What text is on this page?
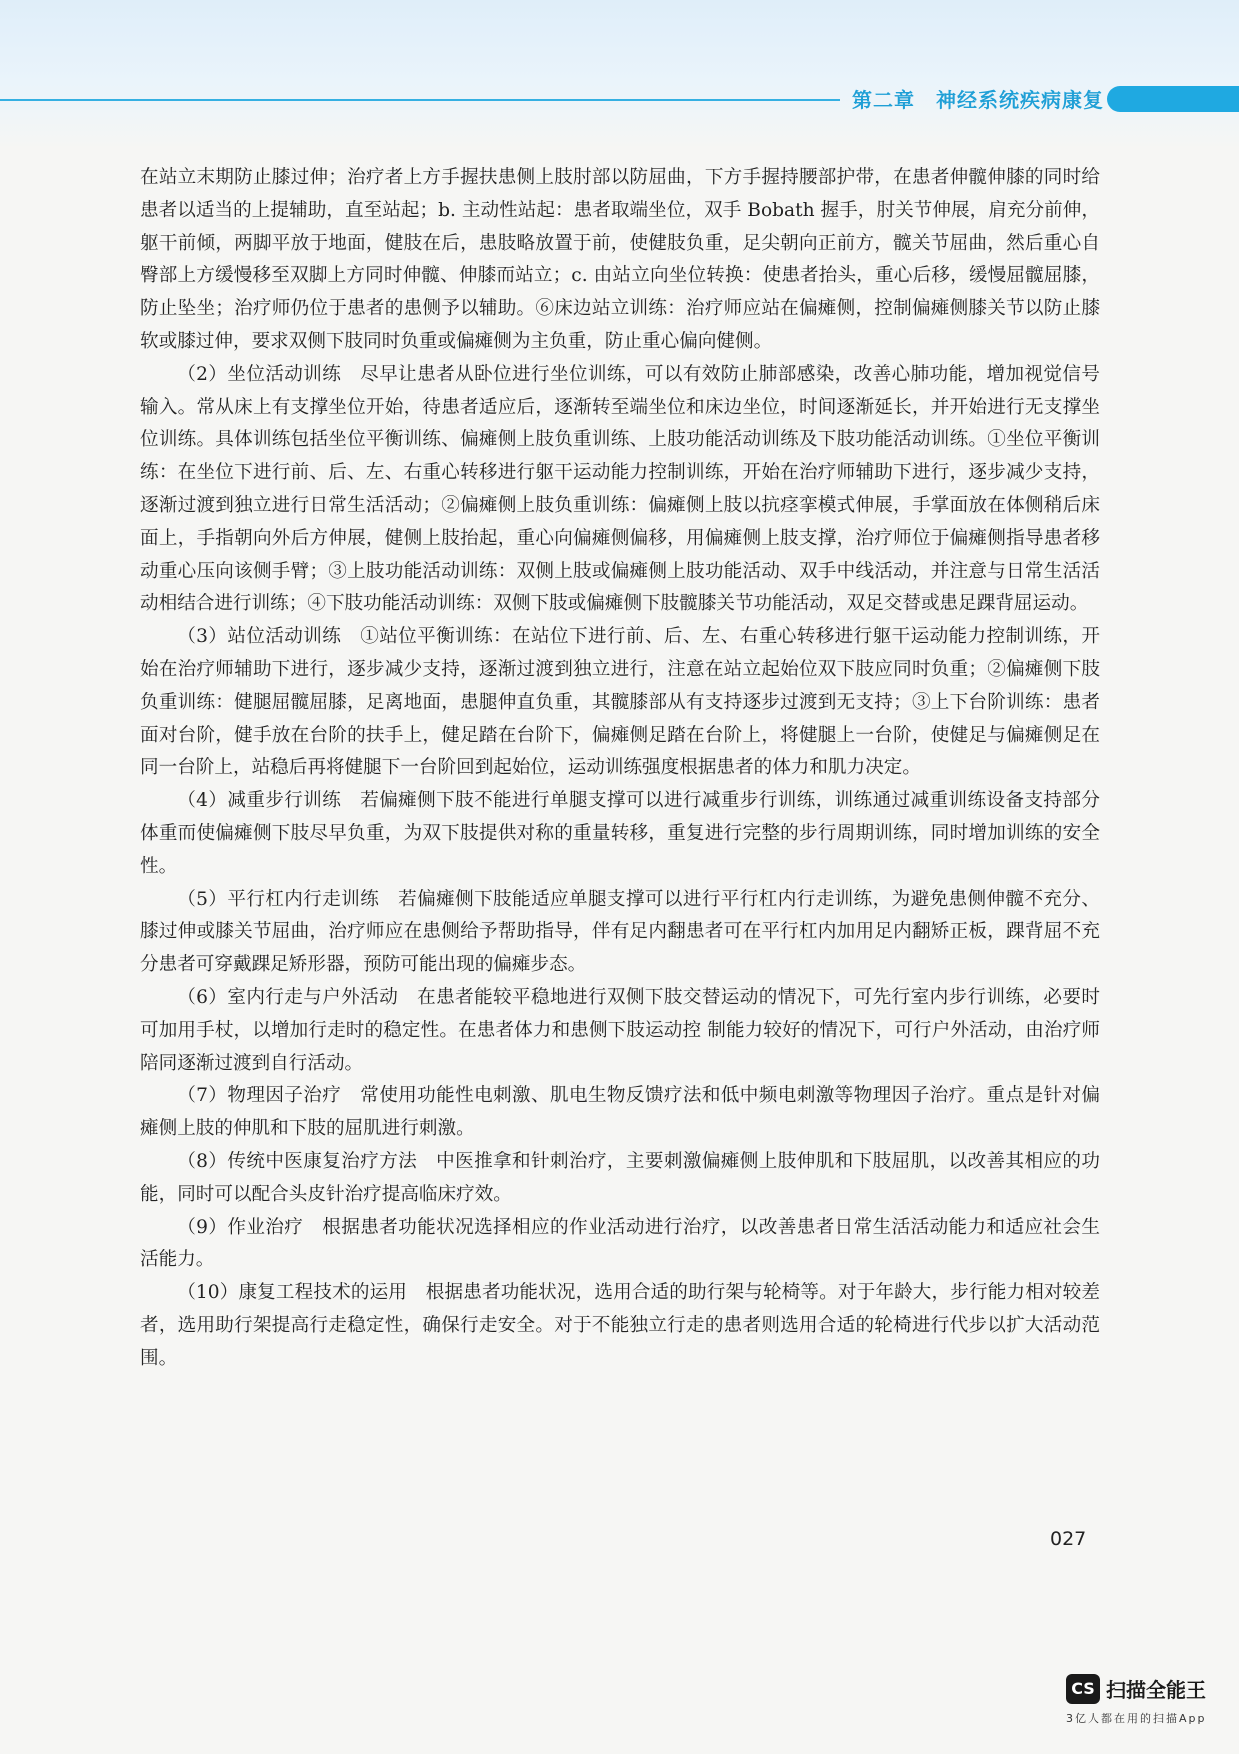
第二章　神经系统疾病康复

在站立末期防止膝过伸；治疗者上方手握扶患侧上肢肘部以防屈曲，下方手握持腰部护带，在患者伸髋伸膝的同时给患者以适当的上提辅助，直至站起；b. 主动性站起：患者取端坐位，双手 Bobath 握手，肘关节伸展，肩充分前伸，躯干前倾，两脚平放于地面，健肢在后，患肢略放置于前，使健肢负重，足尖朝向正前方，髋关节屈曲，然后重心自臀部上方缓慢移至双脚上方同时伸髋、伸膝而站立；c. 由站立向坐位转换：使患者抬头，重心后移，缓慢屈髋屈膝，防止坠坐；治疗师仍位于患者的患侧予以辅助。⑥床边站立训练：治疗师应站在偏瘫侧，控制偏瘫侧膝关节以防止膝软或膝过伸，要求双侧下肢同时负重或偏瘫侧为主负重，防止重心偏向健侧。

（2）坐位活动训练　尽早让患者从卧位进行坐位训练，可以有效防止肺部感染，改善心肺功能，增加视觉信号输入。常从床上有支撑坐位开始，待患者适应后，逐渐转至端坐位和床边坐位，时间逐渐延长，并开始进行无支撑坐位训练。具体训练包括坐位平衡训练、偏瘫侧上肢负重训练、上肢功能活动训练及下肢功能活动训练。①坐位平衡训练：在坐位下进行前、后、左、右重心转移进行躯干运动能力控制训练，开始在治疗师辅助下进行，逐步减少支持，逐渐过渡到独立进行日常生活活动；②偏瘫侧上肢负重训练：偏瘫侧上肢以抗痉挛模式伸展，手掌面放在体侧稍后床面上，手指朝向外后方伸展，健侧上肢抬起，重心向偏瘫侧偏移，用偏瘫侧上肢支撑，治疗师位于偏瘫侧指导患者移动重心压向该侧手臂；③上肢功能活动训练：双侧上肢或偏瘫侧上肢功能活动、双手中线活动，并注意与日常生活活动相结合进行训练；④下肢功能活动训练：双侧下肢或偏瘫侧下肢髋膝关节功能活动，双足交替或患足踝背屈运动。

（3）站位活动训练　①站位平衡训练：在站位下进行前、后、左、右重心转移进行躯干运动能力控制训练，开始在治疗师辅助下进行，逐步减少支持，逐渐过渡到独立进行，注意在站立起始位双下肢应同时负重；②偏瘫侧下肢负重训练：健腿屈髋屈膝，足离地面，患腿伸直负重，其髋膝部从有支持逐步过渡到无支持；③上下台阶训练：患者面对台阶，健手放在台阶的扶手上，健足踏在台阶下，偏瘫侧足踏在台阶上，将健腿上一台阶，使健足与偏瘫侧足在同一台阶上，站稳后再将健腿下一台阶回到起始位，运动训练强度根据患者的体力和肌力决定。

（4）减重步行训练　若偏瘫侧下肢不能进行单腿支撑可以进行减重步行训练，训练通过减重训练设备支持部分体重而使偏瘫侧下肢尽早负重，为双下肢提供对称的重量转移，重复进行完整的步行周期训练，同时增加训练的安全性。

（5）平行杠内行走训练　若偏瘫侧下肢能适应单腿支撑可以进行平行杠内行走训练，为避免患侧伸髋不充分、膝过伸或膝关节屈曲，治疗师应在患侧给予帮助指导，伴有足内翻患者可在平行杠内加用足内翻矫正板，踝背屈不充分患者可穿戴踝足矫形器，预防可能出现的偏瘫步态。

（6）室内行走与户外活动　在患者能较平稳地进行双侧下肢交替运动的情况下，可先行室内步行训练，必要时可加用手杖，以增加行走时的稳定性。在患者体力和患侧下肢运动控 制能力较好的情况下，可行户外活动，由治疗师陪同逐渐过渡到自行活动。

（7）物理因子治疗　常使用功能性电刺激、肌电生物反馈疗法和低中频电刺激等物理因子治疗。重点是针对偏瘫侧上肢的伸肌和下肢的屈肌进行刺激。

（8）传统中医康复治疗方法　中医推拿和针刺治疗，主要刺激偏瘫侧上肢伸肌和下肢屈肌，以改善其相应的功能，同时可以配合头皮针治疗提高临床疗效。

（9）作业治疗　根据患者功能状况选择相应的作业活动进行治疗，以改善患者日常生活活动能力和适应社会生活能力。

（10）康复工程技术的运用　根据患者功能状况，选用合适的助行架与轮椅等。对于年龄大，步行能力相对较差者，选用助行架提高行走稳定性，确保行走安全。对于不能独立行走的患者则选用合适的轮椅进行代步以扩大活动范围。

027
CS 扫描全能王
3亿人都在用的扫描App
